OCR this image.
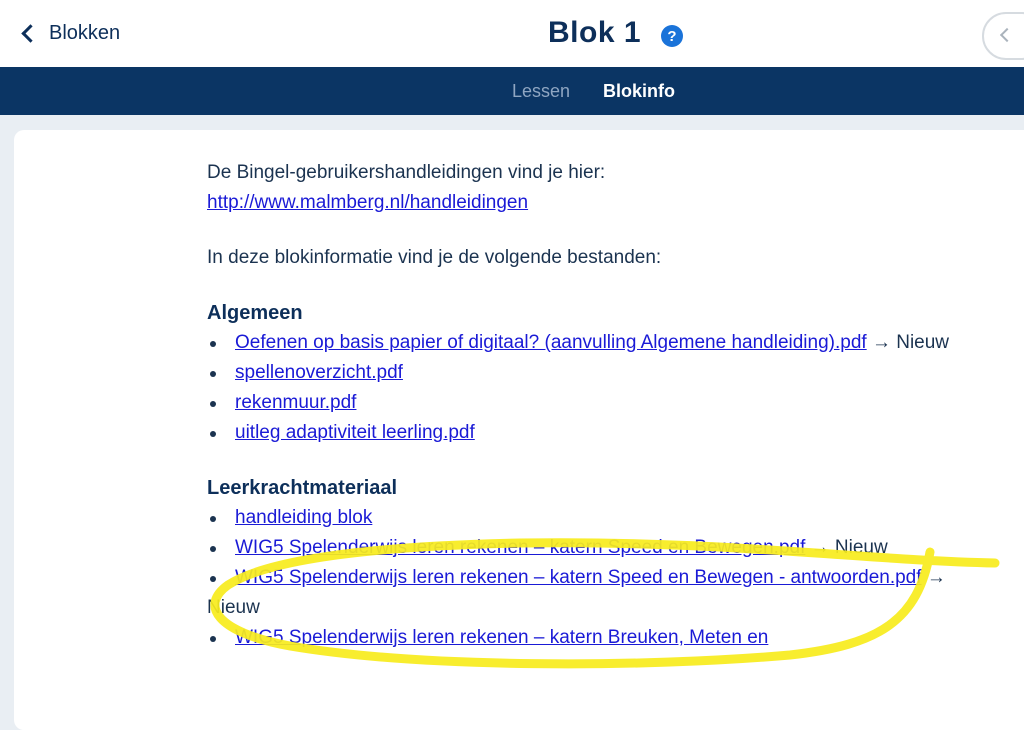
Blokken	Blok 1	?
Lessen Blokinfo

De Bingel-gebruikershandleidingen vind je hier:

http://www.malmberg.nl/handleidingen

In deze blokinformatie vind je de volgende bestanden:

Algemeen

Oefenen op basis papier of digitaal? (aanvulling Algemene handleiding).pdf → Nieuw
spellenoverzicht.pdf
rekenmuur.pdf
uitleg adaptiviteit leerling.pdf

Leerkrachtmateriaal

handleiding blok
WIG5 Spelenderwijs leren rekenen – katern Speed en Bewegen.pdf → Nieuw
WIG5 Spelenderwijs leren rekenen – katern Speed en Bewegen - antwoorden.pdf → Nieuw
WIG5 Spelenderwijs leren rekenen – katern Breuken, Meten en
